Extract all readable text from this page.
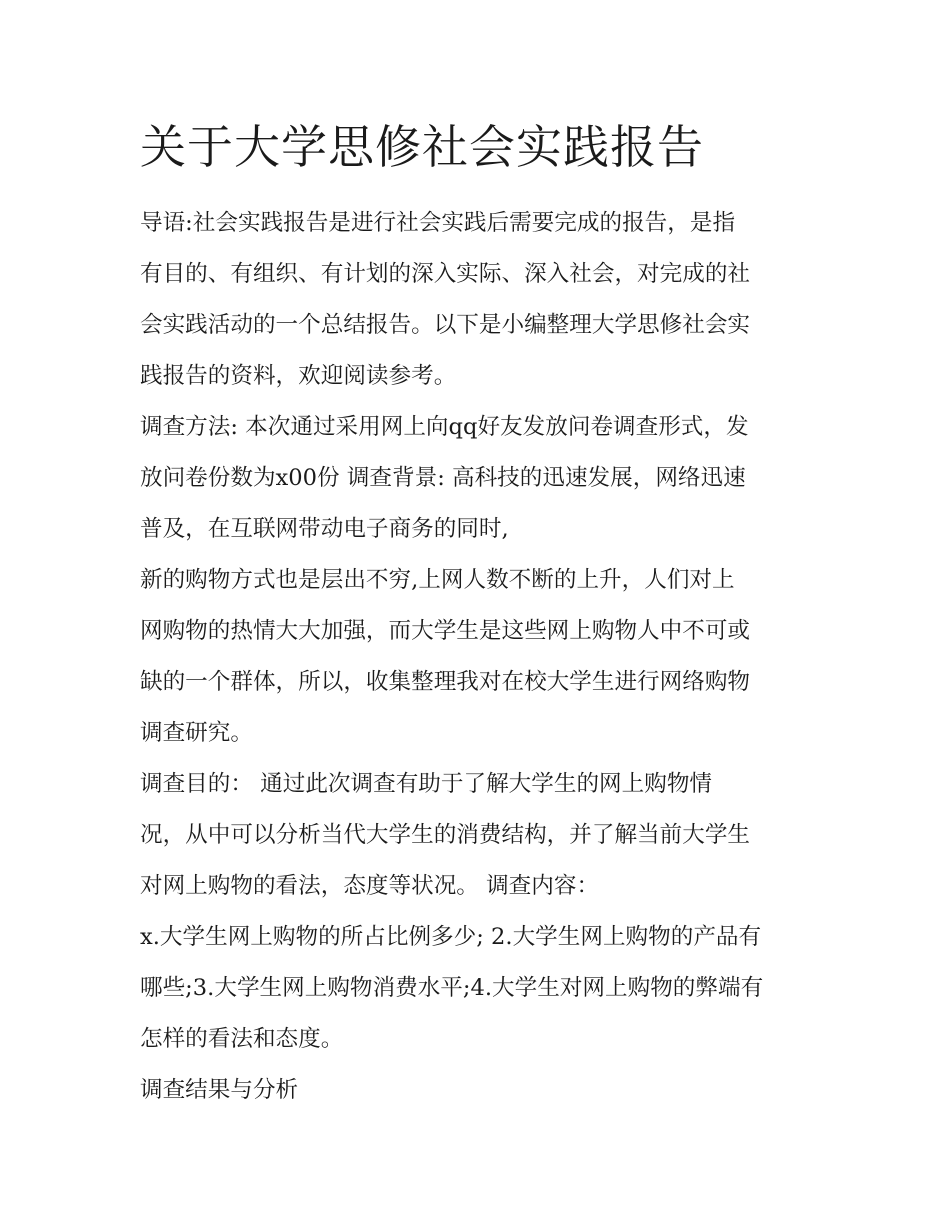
关于大学思修社会实践报告
导语:社会实践报告是进行社会实践后需要完成的报告，是指
有目的、有组织、有计划的深入实际、深入社会，对完成的社
会实践活动的一个总结报告。以下是小编整理大学思修社会实
践报告的资料，欢迎阅读参考。
调查方法: 本次通过采用网上向qq好友发放问卷调查形式，发
放问卷份数为x00份 调查背景: 高科技的迅速发展，网络迅速
普及，在互联网带动电子商务的同时,
新的购物方式也是层出不穷,上网人数不断的上升，人们对上
网购物的热情大大加强，而大学生是这些网上购物人中不可或
缺的一个群体，所以，收集整理我对在校大学生进行网络购物
调查研究。
调查目的： 通过此次调查有助于了解大学生的网上购物情
况，从中可以分析当代大学生的消费结构，并了解当前大学生
对网上购物的看法，态度等状况。 调查内容：
x.大学生网上购物的所占比例多少; 2.大学生网上购物的产品有
哪些;3.大学生网上购物消费水平;4.大学生对网上购物的弊端有
怎样的看法和态度。
调查结果与分析
